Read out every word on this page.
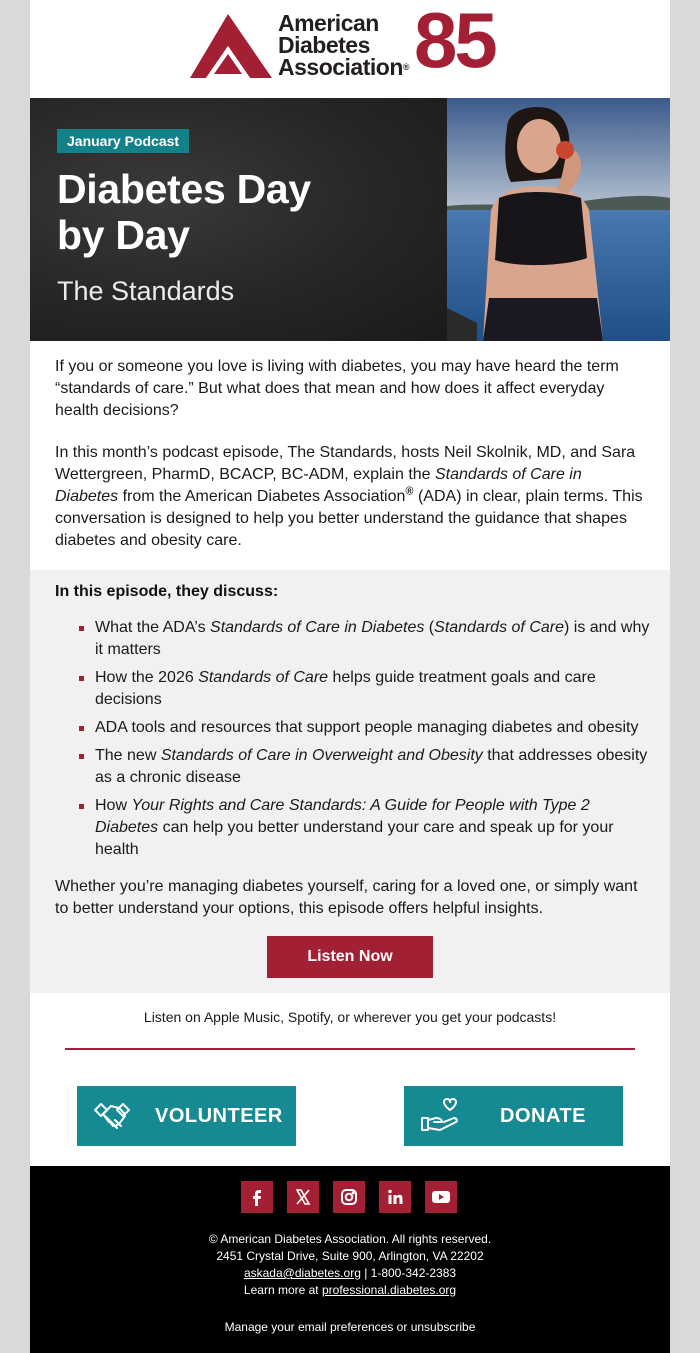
American
Diabetes
Association® 85
January Podcast
Diabetes Day
by Day
The Standards

If you or someone you love is living with diabetes, you may have heard the term “standards of care.” But what does that mean and how does it affect everyday health decisions?

In this month’s podcast episode, The Standards, hosts Neil Skolnik, MD, and Sara Wettergreen, PharmD, BCACP, BC-ADM, explain the Standards of Care in Diabetes from the American Diabetes Association® (ADA) in clear, plain terms. This conversation is designed to help you better understand the guidance that shapes diabetes and obesity care.

In this episode, they discuss:
What the ADA’s Standards of Care in Diabetes (Standards of Care) is and why it matters
How the 2026 Standards of Care helps guide treatment goals and care decisions
ADA tools and resources that support people managing diabetes and obesity
The new Standards of Care in Overweight and Obesity that addresses obesity as a chronic disease
How Your Rights and Care Standards: A Guide for People with Type 2 Diabetes can help you better understand your care and speak up for your health

Whether you’re managing diabetes yourself, caring for a loved one, or simply want to better understand your options, this episode offers helpful insights.

Listen Now
Listen on Apple Music, Spotify, or wherever you get your podcasts!
VOLUNTEER	DONATE
© American Diabetes Association. All rights reserved.
2451 Crystal Drive, Suite 900, Arlington, VA 22202
askada@diabetes.org | 1-800-342-2383
Learn more at professional.diabetes.org
Manage your email preferences or unsubscribe
